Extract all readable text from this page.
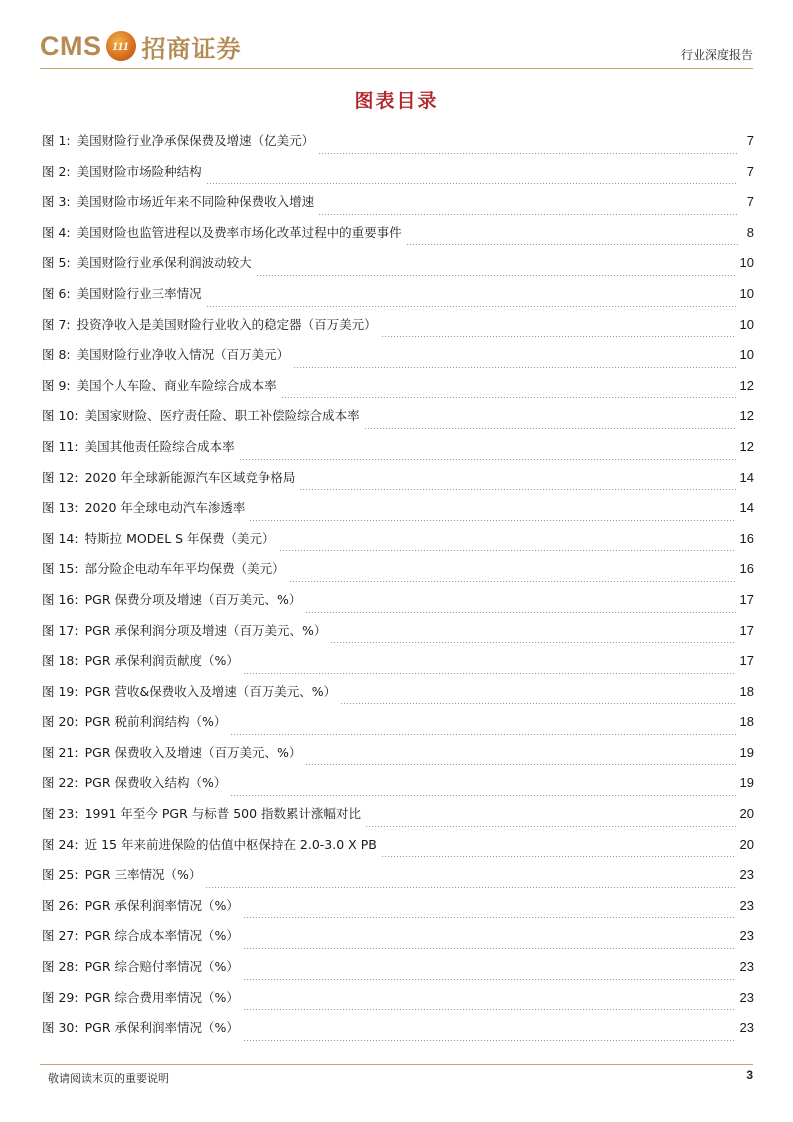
CMS 111 招商证券	行业深度报告
图表目录
图 1: 美国财险行业净承保保费及增速（亿美元）	7
图 2: 美国财险市场险种结构	7
图 3: 美国财险市场近年来不同险种保费收入增速	7
图 4: 美国财险也监管进程以及费率市场化改革过程中的重要事件	8
图 5: 美国财险行业承保利润波动较大	10
图 6: 美国财险行业三率情况	10
图 7: 投资净收入是美国财险行业收入的稳定器（百万美元）	10
图 8: 美国财险行业净收入情况（百万美元）	10
图 9: 美国个人车险、商业车险综合成本率	12
图 10: 美国家财险、医疗责任险、职工补偿险综合成本率	12
图 11: 美国其他责任险综合成本率	12
图 12: 2020 年全球新能源汽车区域竞争格局	14
图 13: 2020 年全球电动汽车渗透率	14
图 14: 特斯拉 MODEL S 年保费（美元）	16
图 15: 部分险企电动车年平均保费（美元）	16
图 16: PGR 保费分项及增速（百万美元、%）	17
图 17: PGR 承保利润分项及增速（百万美元、%）	17
图 18: PGR 承保利润贡献度（%）	17
图 19: PGR 营收&保费收入及增速（百万美元、%）	18
图 20: PGR 税前利润结构（%）	18
图 21: PGR 保费收入及增速（百万美元、%）	19
图 22: PGR 保费收入结构（%）	19
图 23: 1991 年至今 PGR 与标普 500 指数累计涨幅对比	20
图 24: 近 15 年来前进保险的估值中枢保持在 2.0-3.0 X PB	20
图 25: PGR 三率情况（%）	23
图 26: PGR 承保利润率情况（%）	23
图 27: PGR 综合成本率情况（%）	23
图 28: PGR 综合赔付率情况（%）	23
图 29: PGR 综合费用率情况（%）	23
图 30: PGR 承保利润率情况（%）	23
敬请阅读末页的重要说明	3
